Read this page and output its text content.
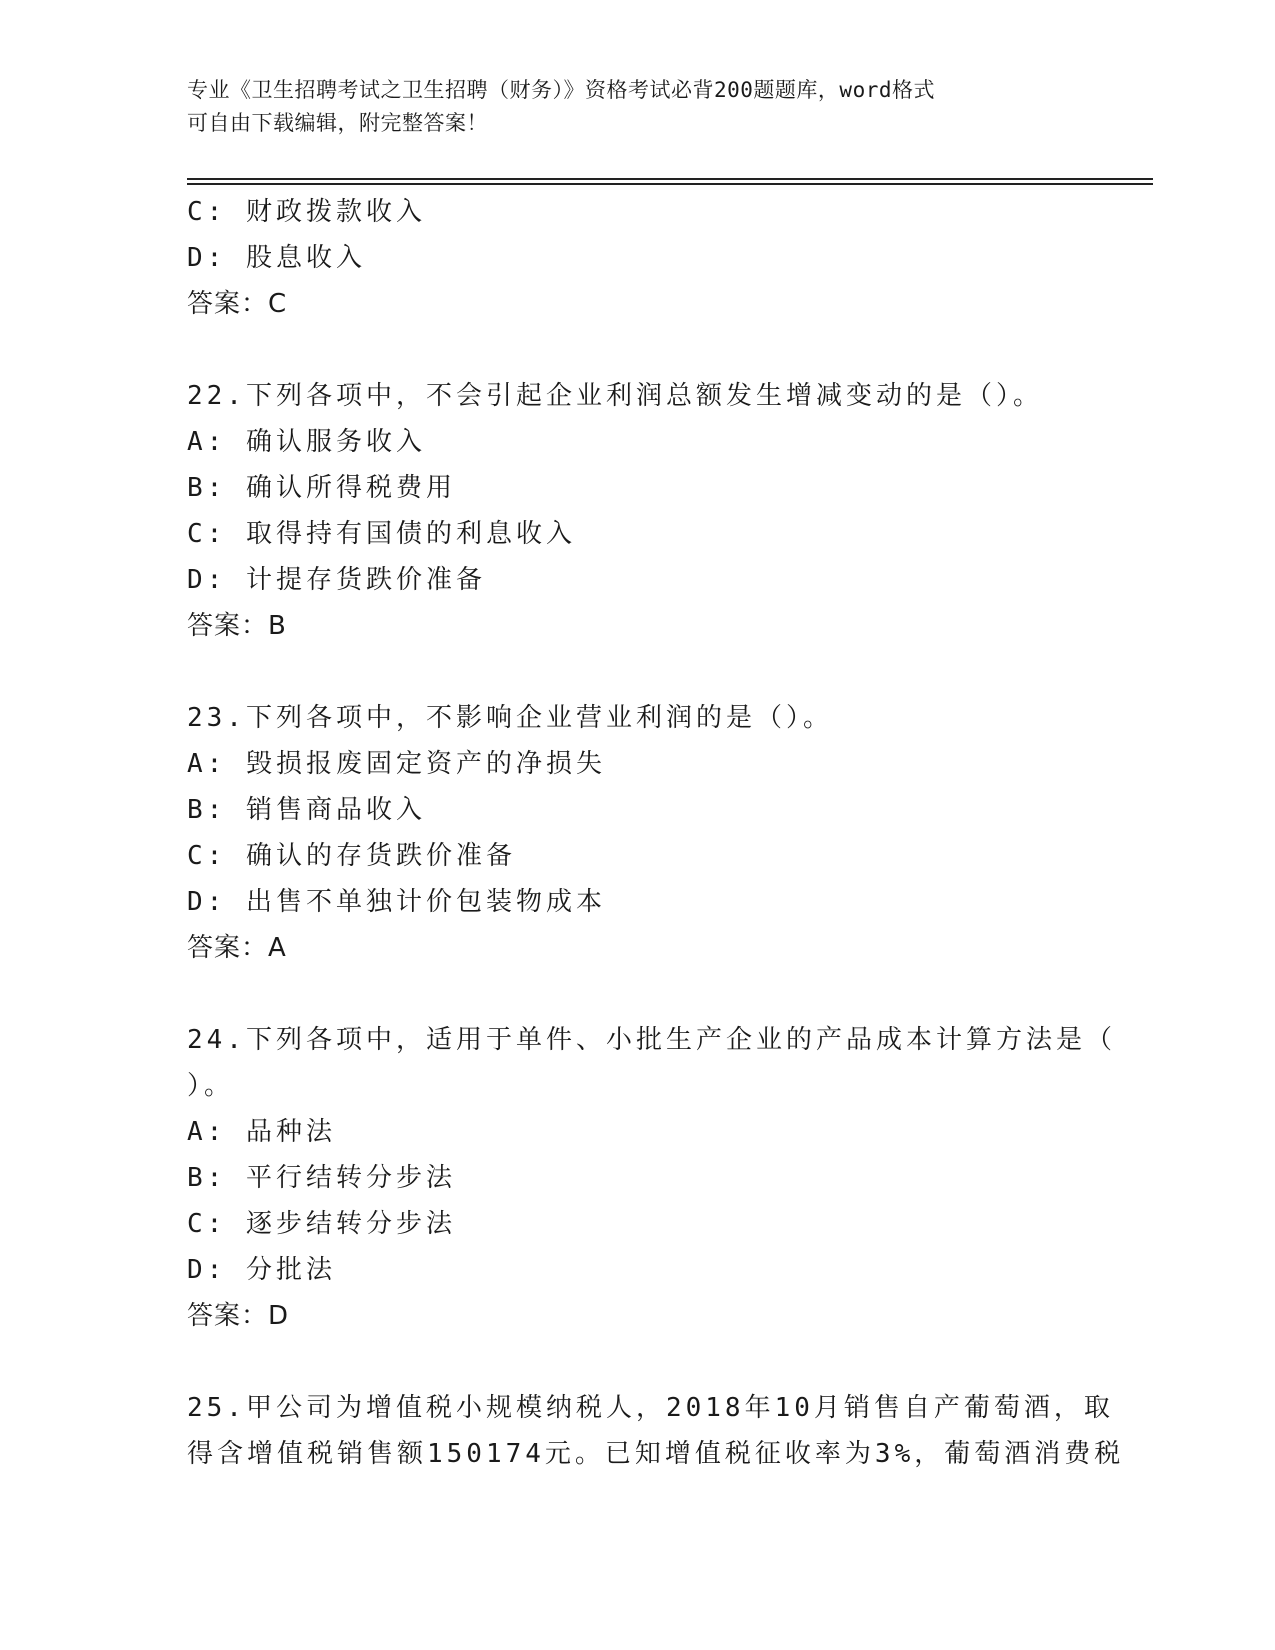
专业《卫生招聘考试之卫生招聘（财务）》资格考试必背200题题库，word格式
可自由下载编辑，附完整答案！
C: 财政拨款收入
D: 股息收入
答案：C
22.下列各项中，不会引起企业利润总额发生增减变动的是（）。
A: 确认服务收入
B: 确认所得税费用
C: 取得持有国债的利息收入
D: 计提存货跌价准备
答案：B
23.下列各项中，不影响企业营业利润的是（）。
A: 毁损报废固定资产的净损失
B: 销售商品收入
C: 确认的存货跌价准备
D: 出售不单独计价包装物成本
答案：A
24.下列各项中，适用于单件、小批生产企业的产品成本计算方法是（
）。
A: 品种法
B: 平行结转分步法
C: 逐步结转分步法
D: 分批法
答案：D
25.甲公司为增值税小规模纳税人，2018年10月销售自产葡萄酒，取
得含增值税销售额150174元。已知增值税征收率为3%，葡萄酒消费税
